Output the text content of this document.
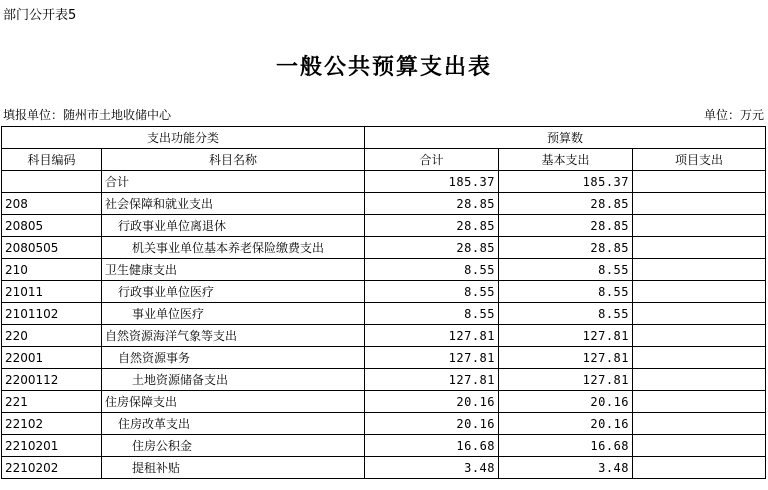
部门公开表5
一般公共预算支出表
填报单位：随州市土地收储中心	单位：万元
支出功能分类		预算数		
科目编码	科目名称	合计	基本支出	项目支出
	合计	185.37	185.37	
208	社会保障和就业支出	28.85	28.85	
20805	行政事业单位离退休	28.85	28.85	
2080505	机关事业单位基本养老保险缴费支出	28.85	28.85	
210	卫生健康支出	8.55	8.55	
21011	行政事业单位医疗	8.55	8.55	
2101102	事业单位医疗	8.55	8.55	
220	自然资源海洋气象等支出	127.81	127.81	
22001	自然资源事务	127.81	127.81	
2200112	土地资源储备支出	127.81	127.81	
221	住房保障支出	20.16	20.16	
22102	住房改革支出	20.16	20.16	
2210201	住房公积金	16.68	16.68	
2210202	提租补贴	3.48	3.48	
